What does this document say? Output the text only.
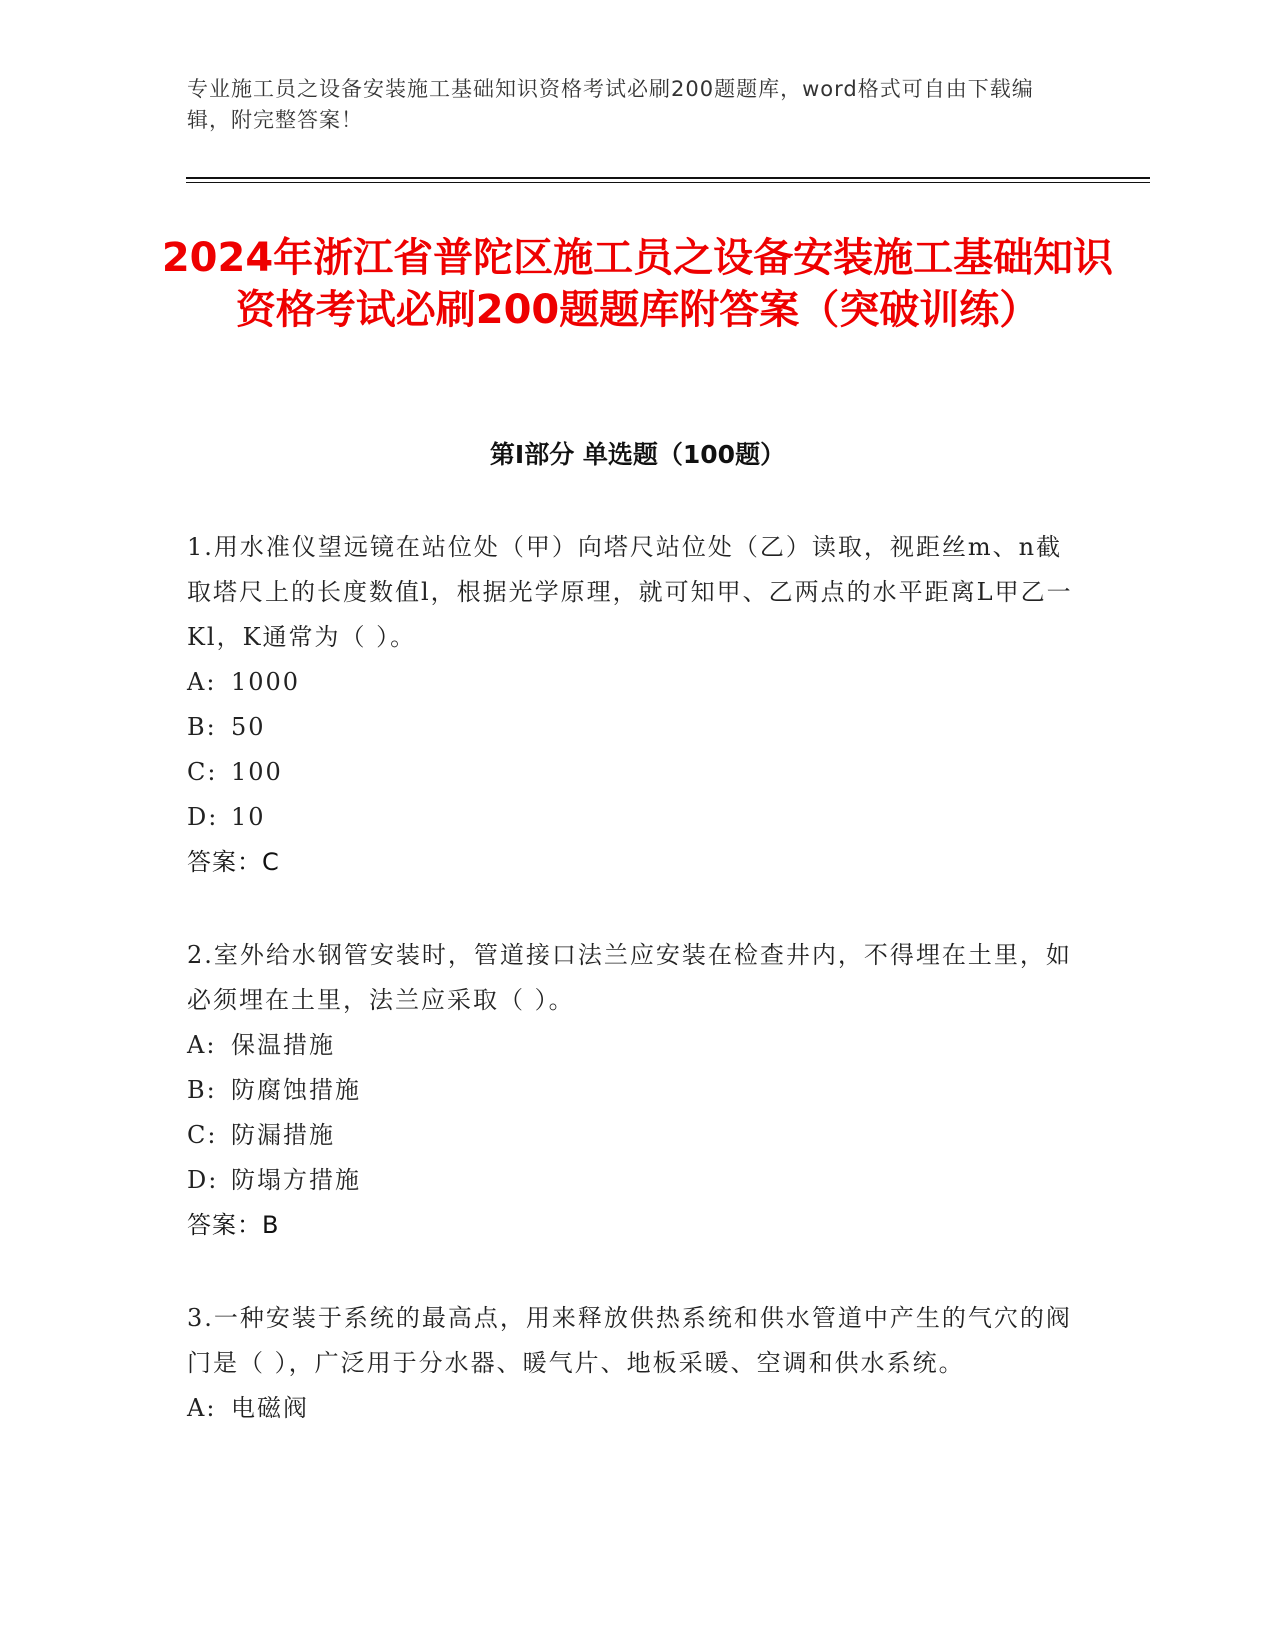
专业施工员之设备安装施工基础知识资格考试必刷200题题库，word格式可自由下载编辑，附完整答案！
2024年浙江省普陀区施工员之设备安装施工基础知识资格考试必刷200题题库附答案（突破训练）
第Ⅰ部分 单选题（100题）
1.用水准仪望远镜在站位处（甲）向塔尺站位处（乙）读取，视距丝m、n截取塔尺上的长度数值l，根据光学原理，就可知甲、乙两点的水平距离L甲乙一Kl，K通常为（ ）。
A: 1000
B: 50
C: 100
D: 10
答案：C
2.室外给水钢管安装时，管道接口法兰应安装在检查井内，不得埋在土里，如必须埋在土里，法兰应采取（ ）。
A: 保温措施
B: 防腐蚀措施
C: 防漏措施
D: 防塌方措施
答案：B
3.一种安装于系统的最高点，用来释放供热系统和供水管道中产生的气穴的阀门是（ ），广泛用于分水器、暖气片、地板采暖、空调和供水系统。
A: 电磁阀
